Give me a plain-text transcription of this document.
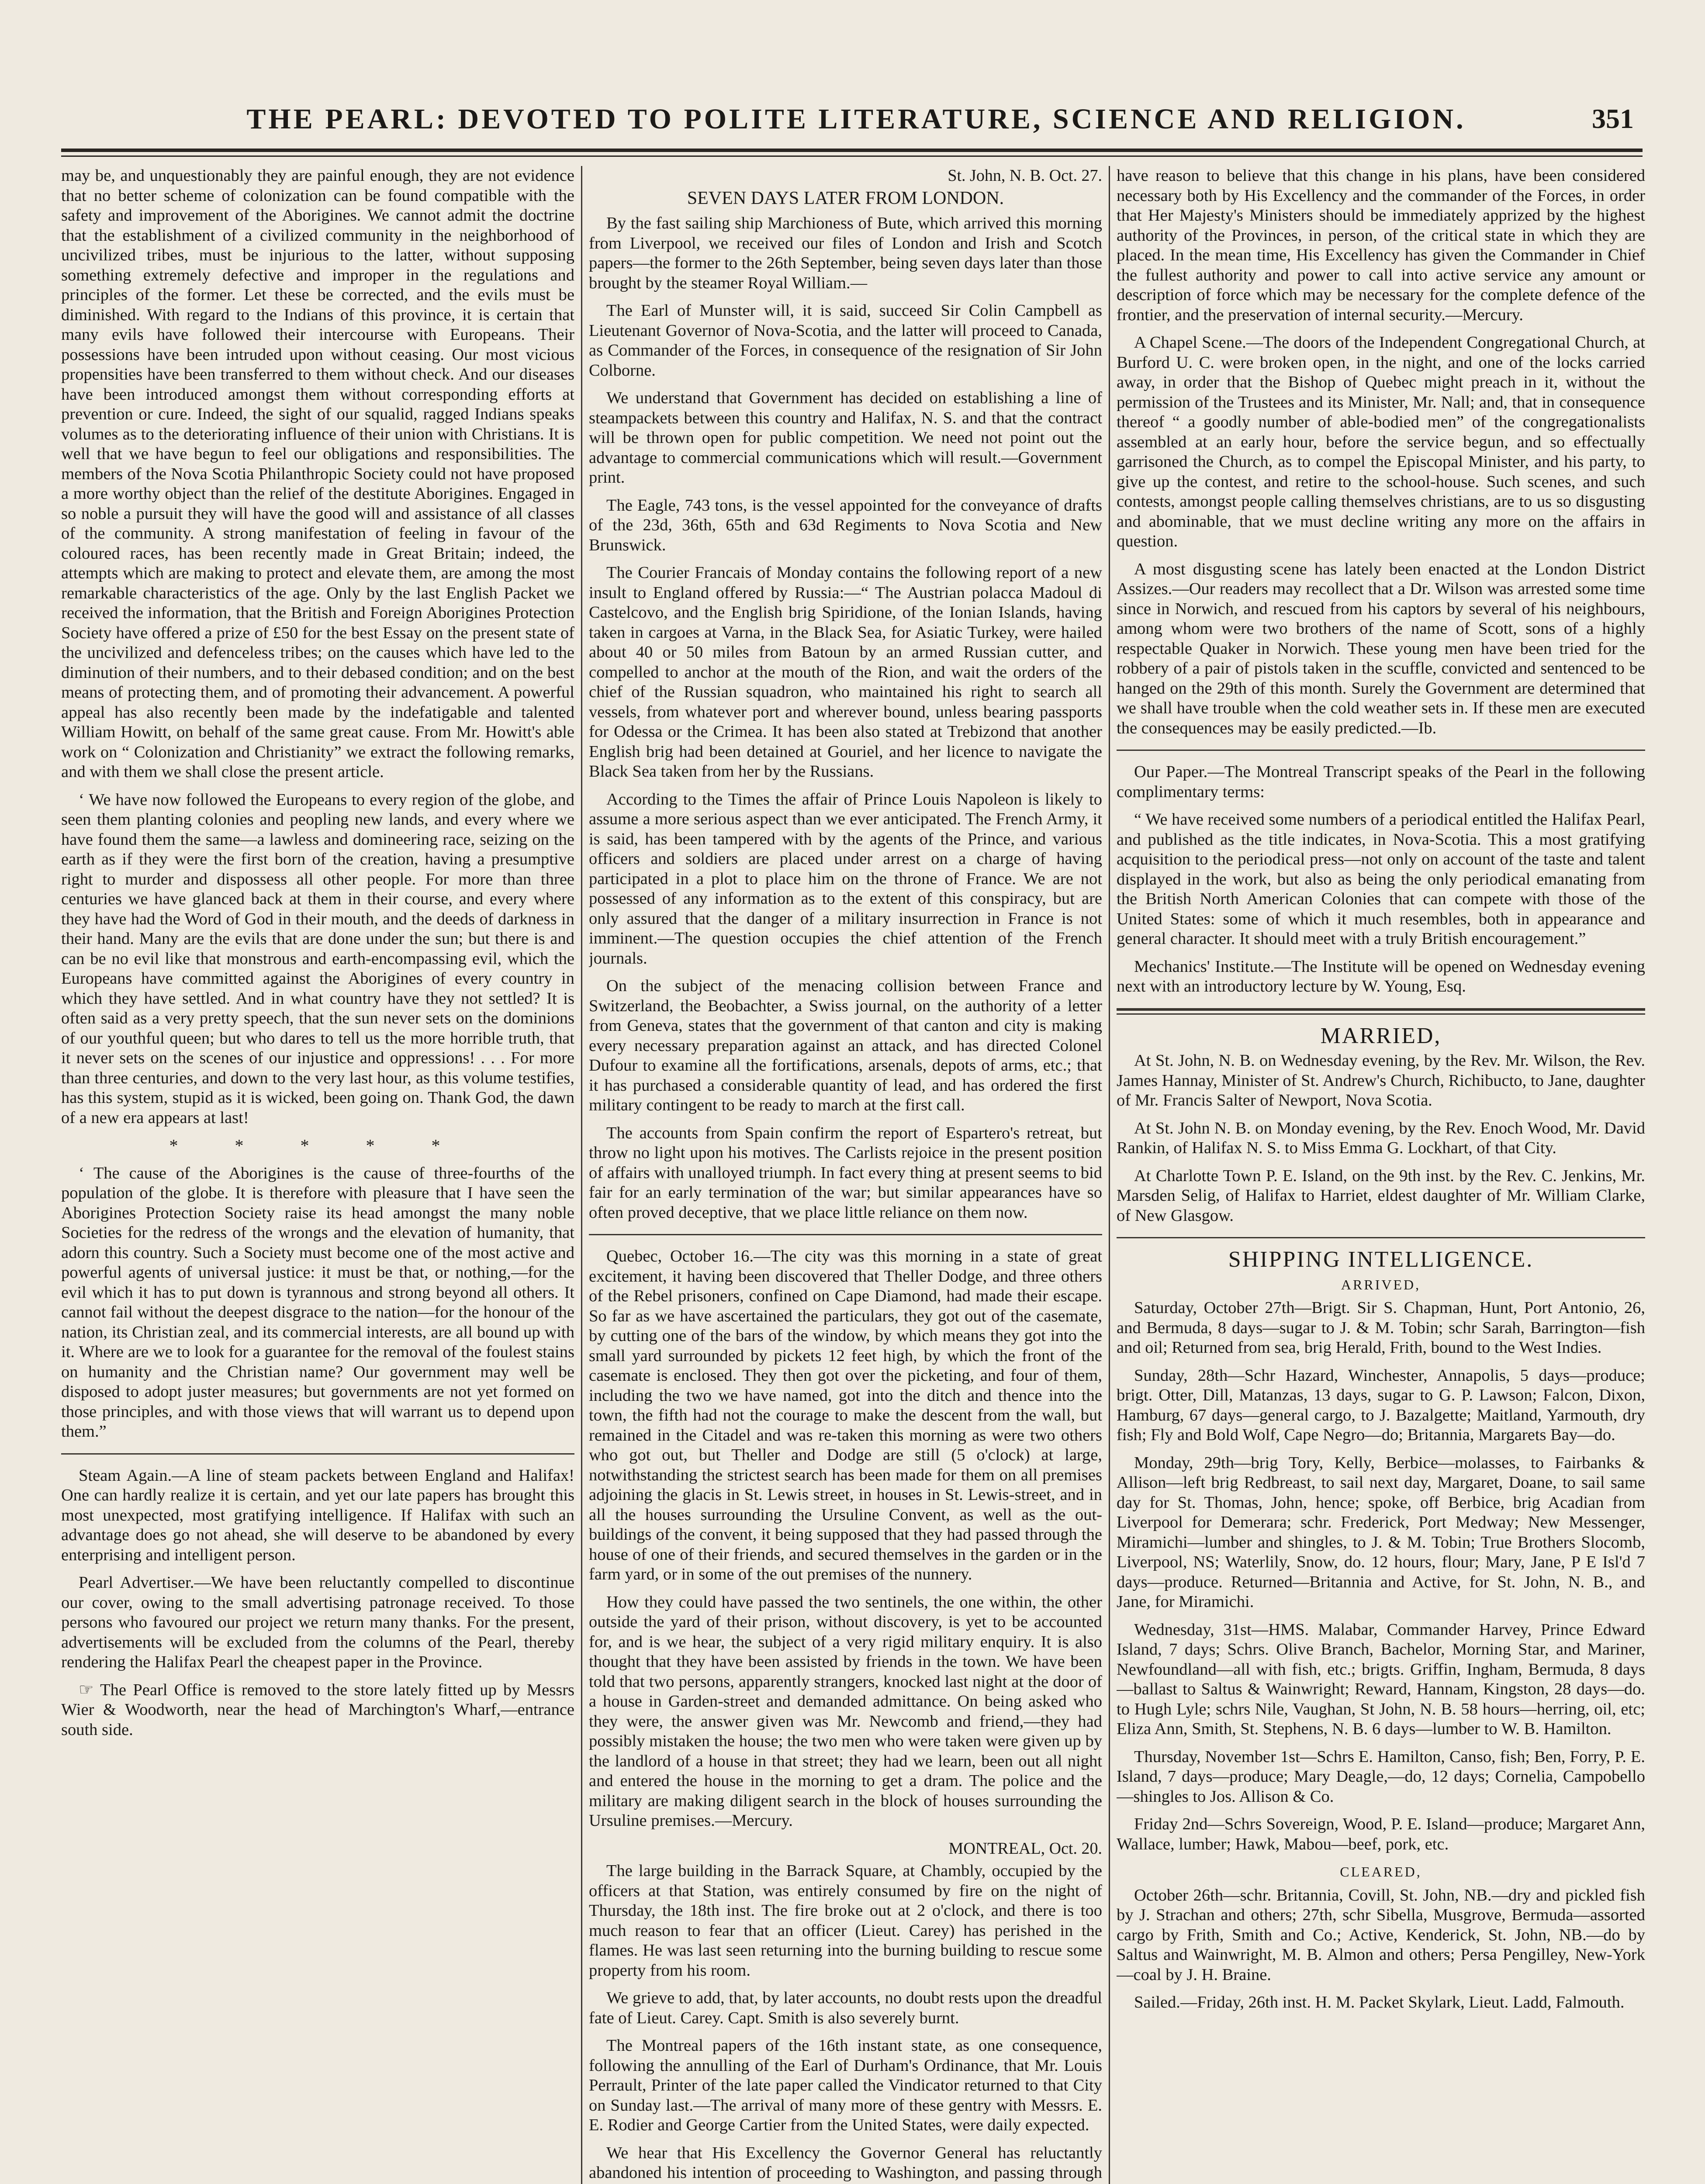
THE PEARL: DEVOTED TO POLITE LITERATURE, SCIENCE AND RELIGION.	351

may be, and unquestionably they are painful enough, they are not evidence that no better scheme of colonization can be found compatible with the safety and improvement of the Aborigines. We cannot admit the doctrine that the establishment of a civilized community in the neighborhood of uncivilized tribes, must be injurious to the latter, without supposing something extremely defective and improper in the regulations and principles of the former. Let these be corrected, and the evils must be diminished. With regard to the Indians of this province, it is certain that many evils have followed their intercourse with Europeans. Their possessions have been intruded upon without ceasing. Our most vicious propensities have been transferred to them without check. And our diseases have been introduced amongst them without corresponding efforts at prevention or cure. Indeed, the sight of our squalid, ragged Indians speaks volumes as to the deteriorating influence of their union with Christians. It is well that we have begun to feel our obligations and responsibilities. The members of the Nova Scotia Philanthropic Society could not have proposed a more worthy object than the relief of the destitute Aborigines. Engaged in so noble a pursuit they will have the good will and assistance of all classes of the community. A strong manifestation of feeling in favour of the coloured races, has been recently made in Great Britain; indeed, the attempts which are making to protect and elevate them, are among the most remarkable characteristics of the age. Only by the last English Packet we received the information, that the British and Foreign Aborigines Protection Society have offered a prize of £50 for the best Essay on the present state of the uncivilized and defenceless tribes; on the causes which have led to the diminution of their numbers, and to their debased condition; and on the best means of protecting them, and of promoting their advancement. A powerful appeal has also recently been made by the indefatigable and talented William Howitt, on behalf of the same great cause. From Mr. Howitt's able work on “ Colonization and Christianity” we extract the following remarks, and with them we shall close the present article.

‘ We have now followed the Europeans to every region of the globe, and seen them planting colonies and peopling new lands, and every where we have found them the same—a lawless and domineering race, seizing on the earth as if they were the first born of the creation, having a presumptive right to murder and dispossess all other people. For more than three centuries we have glanced back at them in their course, and every where they have had the Word of God in their mouth, and the deeds of darkness in their hand. Many are the evils that are done under the sun; but there is and can be no evil like that monstrous and earth-encompassing evil, which the Europeans have committed against the Aborigines of every country in which they have settled. And in what country have they not settled? It is often said as a very pretty speech, that the sun never sets on the dominions of our youthful queen; but who dares to tell us the more horrible truth, that it never sets on the scenes of our injustice and oppressions! . . . For more than three centuries, and down to the very last hour, as this volume testifies, has this system, stupid as it is wicked, been going on. Thank God, the dawn of a new era appears at last!

* * * * *

‘ The cause of the Aborigines is the cause of three-fourths of the population of the globe. It is therefore with pleasure that I have seen the Aborigines Protection Society raise its head amongst the many noble Societies for the redress of the wrongs and the elevation of humanity, that adorn this country. Such a Society must become one of the most active and powerful agents of universal justice: it must be that, or nothing,—for the evil which it has to put down is tyrannous and strong beyond all others. It cannot fail without the deepest disgrace to the nation—for the honour of the nation, its Christian zeal, and its commercial interests, are all bound up with it. Where are we to look for a guarantee for the removal of the foulest stains on humanity and the Christian name? Our government may well be disposed to adopt juster measures; but governments are not yet formed on those principles, and with those views that will warrant us to depend upon them.”

Steam Again.—A line of steam packets between England and Halifax! One can hardly realize it is certain, and yet our late papers has brought this most unexpected, most gratifying intelligence. If Halifax with such an advantage does go not ahead, she will deserve to be abandoned by every enterprising and intelligent person.

Pearl Advertiser.—We have been reluctantly compelled to discontinue our cover, owing to the small advertising patronage received. To those persons who favoured our project we return many thanks. For the present, advertisements will be excluded from the columns of the Pearl, thereby rendering the Halifax Pearl the cheapest paper in the Province.

☞ The Pearl Office is removed to the store lately fitted up by Messrs Wier & Woodworth, near the head of Marchington's Wharf,—entrance south side.

St. John, N. B. Oct. 27.

SEVEN DAYS LATER FROM LONDON.

By the fast sailing ship Marchioness of Bute, which arrived this morning from Liverpool, we received our files of London and Irish and Scotch papers—the former to the 26th September, being seven days later than those brought by the steamer Royal William.—

The Earl of Munster will, it is said, succeed Sir Colin Campbell as Lieutenant Governor of Nova-Scotia, and the latter will proceed to Canada, as Commander of the Forces, in consequence of the resignation of Sir John Colborne.

We understand that Government has decided on establishing a line of steampackets between this country and Halifax, N. S. and that the contract will be thrown open for public competition. We need not point out the advantage to commercial communications which will result.—Government print.

The Eagle, 743 tons, is the vessel appointed for the conveyance of drafts of the 23d, 36th, 65th and 63d Regiments to Nova Scotia and New Brunswick.

The Courier Francais of Monday contains the following report of a new insult to England offered by Russia:—“ The Austrian polacca Madoul di Castelcovo, and the English brig Spiridione, of the Ionian Islands, having taken in cargoes at Varna, in the Black Sea, for Asiatic Turkey, were hailed about 40 or 50 miles from Batoun by an armed Russian cutter, and compelled to anchor at the mouth of the Rion, and wait the orders of the chief of the Russian squadron, who maintained his right to search all vessels, from whatever port and wherever bound, unless bearing passports for Odessa or the Crimea. It has been also stated at Trebizond that another English brig had been detained at Gouriel, and her licence to navigate the Black Sea taken from her by the Russians.

According to the Times the affair of Prince Louis Napoleon is likely to assume a more serious aspect than we ever anticipated. The French Army, it is said, has been tampered with by the agents of the Prince, and various officers and soldiers are placed under arrest on a charge of having participated in a plot to place him on the throne of France. We are not possessed of any information as to the extent of this conspiracy, but are only assured that the danger of a military insurrection in France is not imminent.—The question occupies the chief attention of the French journals.

On the subject of the menacing collision between France and Switzerland, the Beobachter, a Swiss journal, on the authority of a letter from Geneva, states that the government of that canton and city is making every necessary preparation against an attack, and has directed Colonel Dufour to examine all the fortifications, arsenals, depots of arms, etc.; that it has purchased a considerable quantity of lead, and has ordered the first military contingent to be ready to march at the first call.

The accounts from Spain confirm the report of Espartero's retreat, but throw no light upon his motives. The Carlists rejoice in the present position of affairs with unalloyed triumph. In fact every thing at present seems to bid fair for an early termination of the war; but similar appearances have so often proved deceptive, that we place little reliance on them now.

Quebec, October 16.—The city was this morning in a state of great excitement, it having been discovered that Theller Dodge, and three others of the Rebel prisoners, confined on Cape Diamond, had made their escape. So far as we have ascertained the particulars, they got out of the casemate, by cutting one of the bars of the window, by which means they got into the small yard surrounded by pickets 12 feet high, by which the front of the casemate is enclosed. They then got over the picketing, and four of them, including the two we have named, got into the ditch and thence into the town, the fifth had not the courage to make the descent from the wall, but remained in the Citadel and was re-taken this morning as were two others who got out, but Theller and Dodge are still (5 o'clock) at large, notwithstanding the strictest search has been made for them on all premises adjoining the glacis in St. Lewis street, in houses in St. Lewis-street, and in all the houses surrounding the Ursuline Convent, as well as the out-buildings of the convent, it being supposed that they had passed through the house of one of their friends, and secured themselves in the garden or in the farm yard, or in some of the out premises of the nunnery.

How they could have passed the two sentinels, the one within, the other outside the yard of their prison, without discovery, is yet to be accounted for, and is we hear, the subject of a very rigid military enquiry. It is also thought that they have been assisted by friends in the town. We have been told that two persons, apparently strangers, knocked last night at the door of a house in Garden-street and demanded admittance. On being asked who they were, the answer given was Mr. Newcomb and friend,—they had possibly mistaken the house; the two men who were taken were given up by the landlord of a house in that street; they had we learn, been out all night and entered the house in the morning to get a dram. The police and the military are making diligent search in the block of houses surrounding the Ursuline premises.—Mercury.

MONTREAL, Oct. 20.

The large building in the Barrack Square, at Chambly, occupied by the officers at that Station, was entirely consumed by fire on the night of Thursday, the 18th inst. The fire broke out at 2 o'clock, and there is too much reason to fear that an officer (Lieut. Carey) has perished in the flames. He was last seen returning into the burning building to rescue some property from his room.

We grieve to add, that, by later accounts, no doubt rests upon the dreadful fate of Lieut. Carey. Capt. Smith is also severely burnt.

The Montreal papers of the 16th instant state, as one consequence, following the annulling of the Earl of Durham's Ordinance, that Mr. Louis Perrault, Printer of the late paper called the Vindicator returned to that City on Sunday last.—The arrival of many more of these gentry with Messrs. E. E. Rodier and George Cartier from the United States, were daily expected.

We hear that His Excellency the Governor General has reluctantly abandoned his intention of proceeding to Washington, and passing through

have reason to believe that this change in his plans, have been considered necessary both by His Excellency and the commander of the Forces, in order that Her Majesty's Ministers should be immediately apprized by the highest authority of the Provinces, in person, of the critical state in which they are placed. In the mean time, His Excellency has given the Commander in Chief the fullest authority and power to call into active service any amount or description of force which may be necessary for the complete defence of the frontier, and the preservation of internal security.—Mercury.

A Chapel Scene.—The doors of the Independent Congregational Church, at Burford U. C. were broken open, in the night, and one of the locks carried away, in order that the Bishop of Quebec might preach in it, without the permission of the Trustees and its Minister, Mr. Nall; and, that in consequence thereof “ a goodly number of able-bodied men” of the congregationalists assembled at an early hour, before the service begun, and so effectually garrisoned the Church, as to compel the Episcopal Minister, and his party, to give up the contest, and retire to the school-house. Such scenes, and such contests, amongst people calling themselves christians, are to us so disgusting and abominable, that we must decline writing any more on the affairs in question.

A most disgusting scene has lately been enacted at the London District Assizes.—Our readers may recollect that a Dr. Wilson was arrested some time since in Norwich, and rescued from his captors by several of his neighbours, among whom were two brothers of the name of Scott, sons of a highly respectable Quaker in Norwich. These young men have been tried for the robbery of a pair of pistols taken in the scuffle, convicted and sentenced to be hanged on the 29th of this month. Surely the Government are determined that we shall have trouble when the cold weather sets in. If these men are executed the consequences may be easily predicted.—Ib.

Our Paper.—The Montreal Transcript speaks of the Pearl in the following complimentary terms:

“ We have received some numbers of a periodical entitled the Halifax Pearl, and published as the title indicates, in Nova-Scotia. This a most gratifying acquisition to the periodical press—not only on account of the taste and talent displayed in the work, but also as being the only periodical emanating from the British North American Colonies that can compete with those of the United States: some of which it much resembles, both in appearance and general character. It should meet with a truly British encouragement.”

Mechanics' Institute.—The Institute will be opened on Wednesday evening next with an introductory lecture by W. Young, Esq.

MARRIED,

At St. John, N. B. on Wednesday evening, by the Rev. Mr. Wilson, the Rev. James Hannay, Minister of St. Andrew's Church, Richibucto, to Jane, daughter of Mr. Francis Salter of Newport, Nova Scotia.

At St. John N. B. on Monday evening, by the Rev. Enoch Wood, Mr. David Rankin, of Halifax N. S. to Miss Emma G. Lockhart, of that City.

At Charlotte Town P. E. Island, on the 9th inst. by the Rev. C. Jenkins, Mr. Marsden Selig, of Halifax to Harriet, eldest daughter of Mr. William Clarke, of New Glasgow.

SHIPPING INTELLIGENCE.

ARRIVED,

Saturday, October 27th—Brigt. Sir S. Chapman, Hunt, Port Antonio, 26, and Bermuda, 8 days—sugar to J. & M. Tobin; schr Sarah, Barrington—fish and oil; Returned from sea, brig Herald, Frith, bound to the West Indies.

Sunday, 28th—Schr Hazard, Winchester, Annapolis, 5 days—produce; brigt. Otter, Dill, Matanzas, 13 days, sugar to G. P. Lawson; Falcon, Dixon, Hamburg, 67 days—general cargo, to J. Bazalgette; Maitland, Yarmouth, dry fish; Fly and Bold Wolf, Cape Negro—do; Britannia, Margarets Bay—do.

Monday, 29th—brig Tory, Kelly, Berbice—molasses, to Fairbanks & Allison—left brig Redbreast, to sail next day, Margaret, Doane, to sail same day for St. Thomas, John, hence; spoke, off Berbice, brig Acadian from Liverpool for Demerara; schr. Frederick, Port Medway; New Messenger, Miramichi—lumber and shingles, to J. & M. Tobin; True Brothers Slocomb, Liverpool, NS; Waterlily, Snow, do. 12 hours, flour; Mary, Jane, P E Isl'd 7 days—produce. Returned—Britannia and Active, for St. John, N. B., and Jane, for Miramichi.

Wednesday, 31st—HMS. Malabar, Commander Harvey, Prince Edward Island, 7 days; Schrs. Olive Branch, Bachelor, Morning Star, and Mariner, Newfoundland—all with fish, etc.; brigts. Griffin, Ingham, Bermuda, 8 days—ballast to Saltus & Wainwright; Reward, Hannam, Kingston, 28 days—do. to Hugh Lyle; schrs Nile, Vaughan, St John, N. B. 58 hours—herring, oil, etc; Eliza Ann, Smith, St. Stephens, N. B. 6 days—lumber to W. B. Hamilton.

Thursday, November 1st—Schrs E. Hamilton, Canso, fish; Ben, Forry, P. E. Island, 7 days—produce; Mary Deagle,—do, 12 days; Cornelia, Campobello—shingles to Jos. Allison & Co.

Friday 2nd—Schrs Sovereign, Wood, P. E. Island—produce; Margaret Ann, Wallace, lumber; Hawk, Mabou—beef, pork, etc.

CLEARED,

October 26th—schr. Britannia, Covill, St. John, NB.—dry and pickled fish by J. Strachan and others; 27th, schr Sibella, Musgrove, Bermuda—assorted cargo by Frith, Smith and Co.; Active, Kenderick, St. John, NB.—do by Saltus and Wainwright, M. B. Almon and others; Persa Pengilley, New-York—coal by J. H. Braine.

Sailed.—Friday, 26th inst. H. M. Packet Skylark, Lieut. Ladd, Falmouth.
